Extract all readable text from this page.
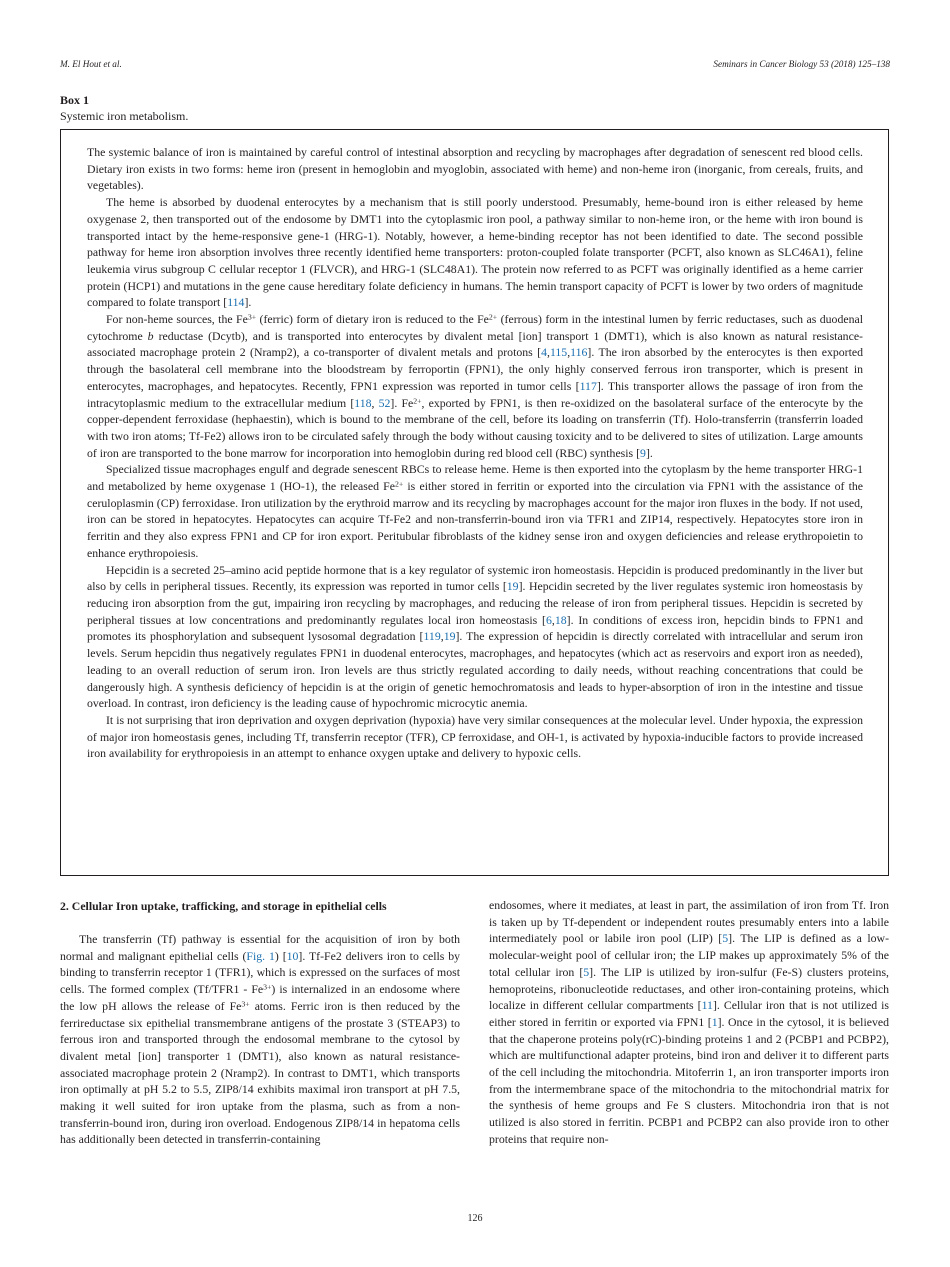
M. El Hout et al.	Seminars in Cancer Biology 53 (2018) 125–138
Box 1
Systemic iron metabolism.

The systemic balance of iron is maintained by careful control of intestinal absorption and recycling by macrophages after degradation of senescent red blood cells. Dietary iron exists in two forms: heme iron (present in hemoglobin and myoglobin, associated with heme) and non-heme iron (inorganic, from cereals, fruits, and vegetables).

The heme is absorbed by duodenal enterocytes by a mechanism that is still poorly understood. Presumably, heme-bound iron is either released by heme oxygenase 2, then transported out of the endosome by DMT1 into the cytoplasmic iron pool, a pathway similar to non-heme iron, or the heme with iron bound is transported intact by the heme-responsive gene-1 (HRG-1). Notably, however, a heme-binding receptor has not been identified to date. The second possible pathway for heme iron absorption involves three recently identified heme transporters: proton-coupled folate transporter (PCFT, also known as SLC46A1), feline leukemia virus subgroup C cellular receptor 1 (FLVCR), and HRG-1 (SLC48A1). The protein now referred to as PCFT was originally identified as a heme carrier protein (HCP1) and mutations in the gene cause hereditary folate deficiency in humans. The hemin transport capacity of PCFT is lower by two orders of magnitude compared to folate transport [114].

For non-heme sources, the $Fe^{3+}$ (ferric) form of dietary iron is reduced to the $Fe^{2+}$ (ferrous) form in the intestinal lumen by ferric reductases, such as duodenal cytochrome b reductase (Dcytb), and is transported into enterocytes by divalent metal [ion] transport 1 (DMT1), which is also known as natural resistance-associated macrophage protein 2 (Nramp2), a co-transporter of divalent metals and protons [4,115,116]. The iron absorbed by the enterocytes is then exported through the basolateral cell membrane into the bloodstream by ferroportin (FPN1), the only highly conserved ferrous iron transporter, which is present in enterocytes, macrophages, and hepatocytes. Recently, FPN1 expression was reported in tumor cells [117]. This transporter allows the passage of iron from the intracytoplasmic medium to the extracellular medium [118, 52]. $Fe^{2+}$, exported by FPN1, is then re-oxidized on the basolateral surface of the enterocyte by the copper-dependent ferroxidase (hephaestin), which is bound to the membrane of the cell, before its loading on transferrin (Tf). Holo-transferrin (transferrin loaded with two iron atoms; Tf-Fe2) allows iron to be circulated safely through the body without causing toxicity and to be delivered to sites of utilization. Large amounts of iron are transported to the bone marrow for incorporation into hemoglobin during red blood cell (RBC) synthesis [9].

Specialized tissue macrophages engulf and degrade senescent RBCs to release heme. Heme is then exported into the cytoplasm by the heme transporter HRG-1 and metabolized by heme oxygenase 1 (HO-1), the released $Fe^{2+}$ is either stored in ferritin or exported into the circulation via FPN1 with the assistance of the ceruloplasmin (CP) ferroxidase. Iron utilization by the erythroid marrow and its recycling by macrophages account for the major iron fluxes in the body. If not used, iron can be stored in hepatocytes. Hepatocytes can acquire Tf-Fe2 and non-transferrin-bound iron via TFR1 and ZIP14, respectively. Hepatocytes store iron in ferritin and they also express FPN1 and CP for iron export. Peritubular fibroblasts of the kidney sense iron and oxygen deficiencies and release erythropoietin to enhance erythropoiesis.

Hepcidin is a secreted 25–amino acid peptide hormone that is a key regulator of systemic iron homeostasis. Hepcidin is produced predominantly in the liver but also by cells in peripheral tissues. Recently, its expression was reported in tumor cells [19]. Hepcidin secreted by the liver regulates systemic iron homeostasis by reducing iron absorption from the gut, impairing iron recycling by macrophages, and reducing the release of iron from peripheral tissues. Hepcidin is secreted by peripheral tissues at low concentrations and predominantly regulates local iron homeostasis [6,18]. In conditions of excess iron, hepcidin binds to FPN1 and promotes its phosphorylation and subsequent lysosomal degradation [119,19]. The expression of hepcidin is directly correlated with intracellular and serum iron levels. Serum hepcidin thus negatively regulates FPN1 in duodenal enterocytes, macrophages, and hepatocytes (which act as reservoirs and export iron as needed), leading to an overall reduction of serum iron. Iron levels are thus strictly regulated according to daily needs, without reaching concentrations that could be dangerously high. A synthesis deficiency of hepcidin is at the origin of genetic hemochromatosis and leads to hyper-absorption of iron in the intestine and tissue overload. In contrast, iron deficiency is the leading cause of hypochromic microcytic anemia.

It is not surprising that iron deprivation and oxygen deprivation (hypoxia) have very similar consequences at the molecular level. Under hypoxia, the expression of major iron homeostasis genes, including Tf, transferrin receptor (TFR), CP ferroxidase, and OH-1, is activated by hypoxia-inducible factors to provide increased iron availability for erythropoiesis in an attempt to enhance oxygen uptake and delivery to hypoxic cells.

2. Cellular Iron uptake, trafficking, and storage in epithelial cells

The transferrin (Tf) pathway is essential for the acquisition of iron by both normal and malignant epithelial cells (Fig. 1) [10]. Tf-Fe2 delivers iron to cells by binding to transferrin receptor 1 (TFR1), which is expressed on the surfaces of most cells. The formed complex $(Tf/TFR1 - Fe^{3+})$ is internalized in an endosome where the low pH allows the release of $Fe^{3+}$ atoms. Ferric iron is then reduced by the ferrireductase six epithelial transmembrane antigens of the prostate 3 (STEAP3) to ferrous iron and transported through the endosomal membrane to the cytosol by divalent metal [ion] transporter 1 (DMT1), also known as natural resistance-associated macrophage protein 2 (Nramp2). In contrast to DMT1, which transports iron optimally at pH 5.2 to 5.5, ZIP8/14 exhibits maximal iron transport at pH 7.5, making it well suited for iron uptake from the plasma, such as from a non-transferrin-bound iron, during iron overload. Endogenous ZIP8/14 in hepatoma cells has additionally been detected in transferrin-containing

endosomes, where it mediates, at least in part, the assimilation of iron from Tf. Iron is taken up by Tf-dependent or independent routes presumably enters into a labile intermediately pool or labile iron pool (LIP) [5]. The LIP is defined as a low-molecular-weight pool of cellular iron; the LIP makes up approximately 5% of the total cellular iron [5]. The LIP is utilized by iron-sulfur (Fe-S) clusters proteins, hemoproteins, ribonucleotide reductases, and other iron-containing proteins, which localize in different cellular compartments [11]. Cellular iron that is not utilized is either stored in ferritin or exported via FPN1 [1]. Once in the cytosol, it is believed that the chaperone proteins poly(rC)-binding proteins 1 and 2 (PCBP1 and PCBP2), which are multifunctional adapter proteins, bind iron and deliver it to different parts of the cell including the mitochondria. Mitoferrin 1, an iron transporter imports iron from the intermembrane space of the mitochondria to the mitochondrial matrix for the synthesis of heme groups and Fe S clusters. Mitochondria iron that is not utilized is also stored in ferritin. PCBP1 and PCBP2 can also provide iron to other proteins that require non-

126
